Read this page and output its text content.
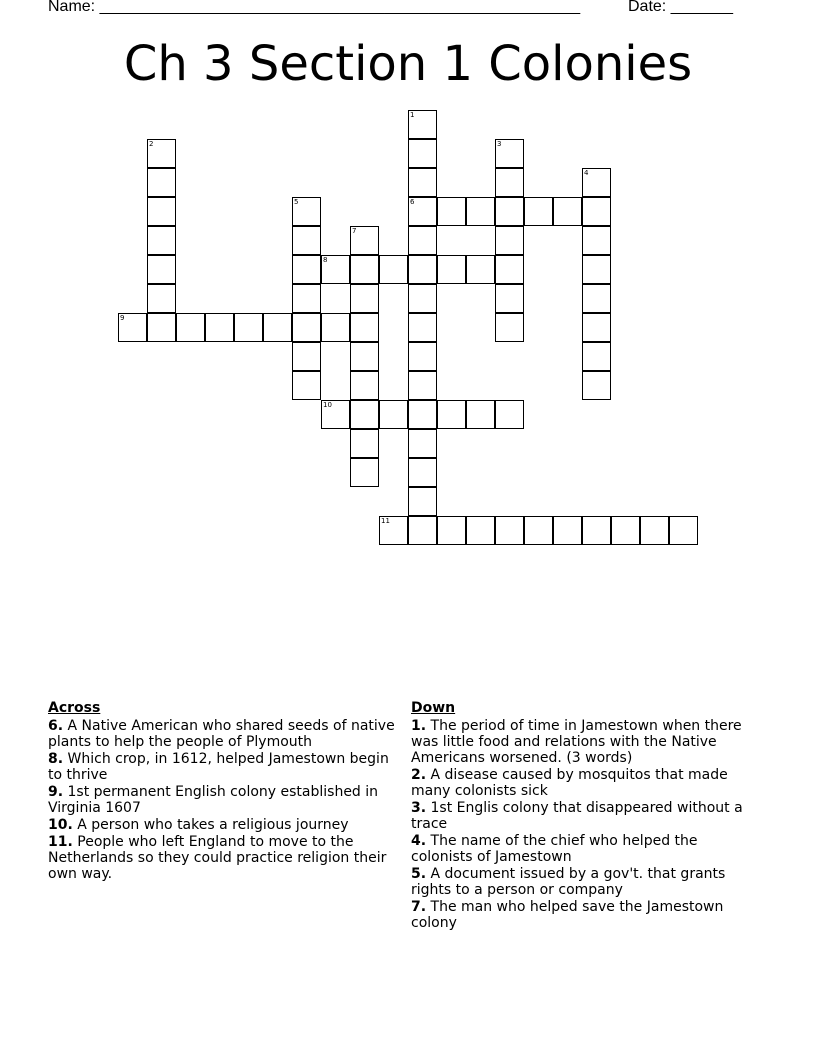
Name: ______________________________________________________	Date: _______
Ch 3 Section 1 Colonies
1
6
2	3
4
5
7
8
9
10
11
Across
6. A Native American who shared seeds of native plants to help the people of Plymouth
8. Which crop, in 1612, helped Jamestown begin to thrive
9. 1st permanent English colony established in Virginia 1607
10. A person who takes a religious journey
11. People who left England to move to the Netherlands so they could practice religion their own way.
Down
1. The period of time in Jamestown when there was little food and relations with the Native Americans worsened. (3 words)
2. A disease caused by mosquitos that made many colonists sick
3. 1st Englis colony that disappeared without a trace
4. The name of the chief who helped the colonists of Jamestown
5. A document issued by a gov't. that grants rights to a person or company
7. The man who helped save the Jamestown colony
